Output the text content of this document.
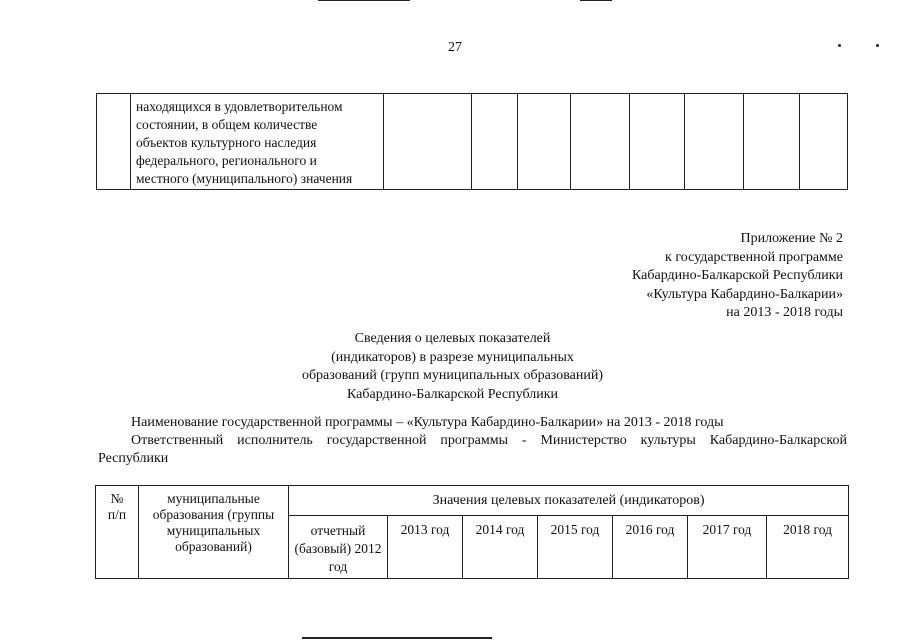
27
	находящихся в удовлетворительном
состоянии, в общем количестве
объектов культурного наследия
федерального, регионального и
местного (муниципального) значения								
Приложение № 2
к государственной программе
Кабардино-Балкарской Республики
«Культура Кабардино-Балкарии»
на 2013 - 2018 годы
Сведения о целевых показателей
(индикаторов) в разрезе муниципальных
образований (групп муниципальных образований)
Кабардино-Балкарской Республики
Наименование государственной программы – «Культура Кабардино-Балкарии» на 2013 - 2018 годы
Ответственный исполнитель государственной программы - Министерство культуры Кабардино-Балкарской Республики
№
п/п	муниципальные образования (группы муниципальных образований)	Значения целевых показателей (индикаторов)						
		отчетный (базовый) 2012 год	2013 год	2014 год	2015 год	2016 год	2017 год	2018 год
